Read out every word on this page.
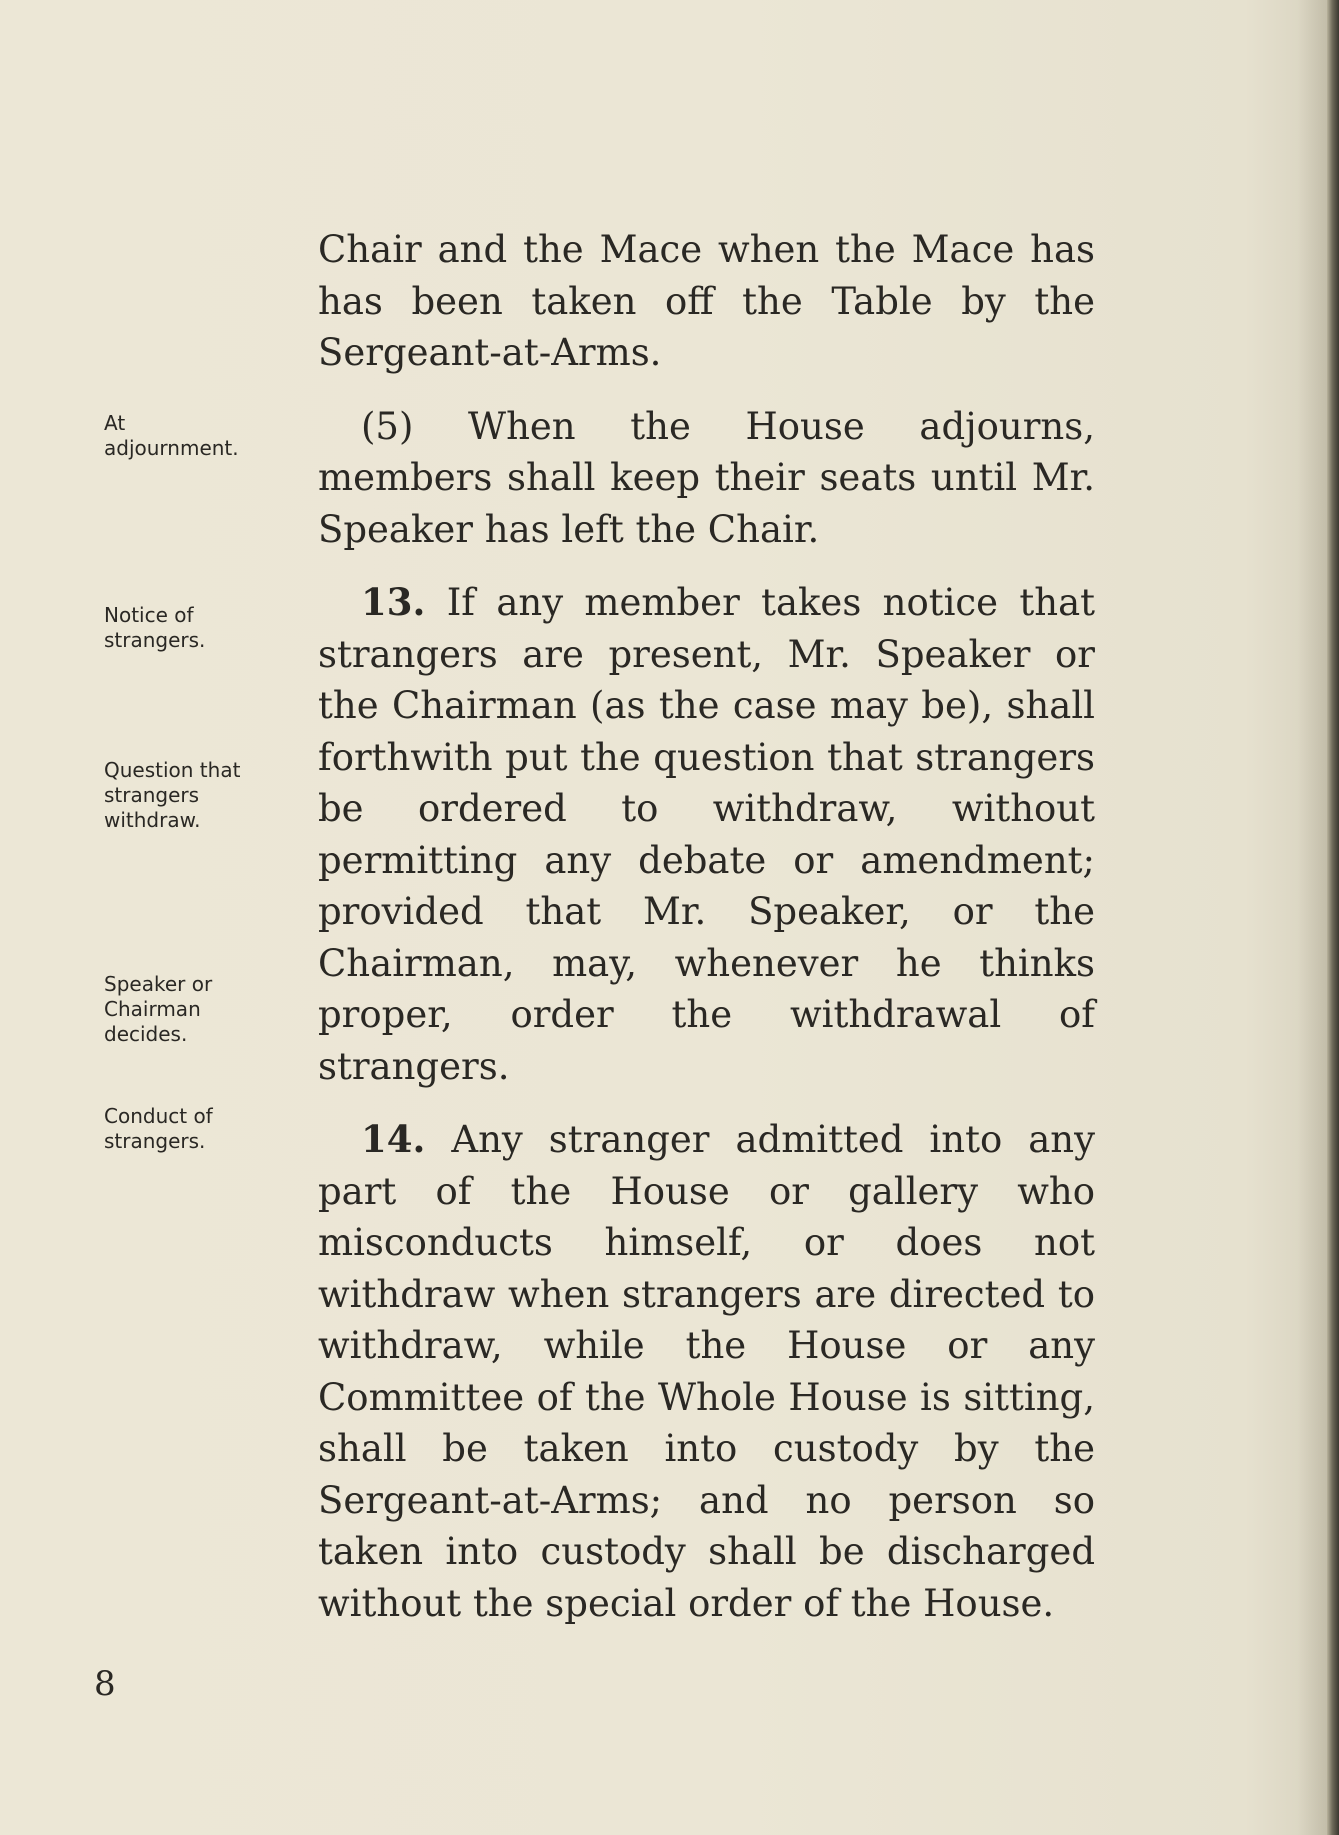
At
adjournment.
Notice of
strangers.
Question that
strangers
withdraw.
Speaker or
Chairman
decides.
Conduct of
strangers.

Chair and the Mace when the Mace has has been taken off the Table by the Sergeant-at-Arms.

(5) When the House adjourns, members shall keep their seats until Mr. Speaker has left the Chair.

13. If any member takes notice that strangers are present, Mr. Speaker or the Chairman (as the case may be), shall forthwith put the question that strangers be ordered to withdraw, without permitting any debate or amendment; provided that Mr. Speaker, or the Chairman, may, whenever he thinks proper, order the withdrawal of strangers.

14. Any stranger admitted into any part of the House or gallery who misconducts himself, or does not withdraw when strangers are directed to withdraw, while the House or any Committee of the Whole House is sitting, shall be taken into custody by the Sergeant-at-Arms; and no person so taken into custody shall be discharged without the special order of the House.

8
